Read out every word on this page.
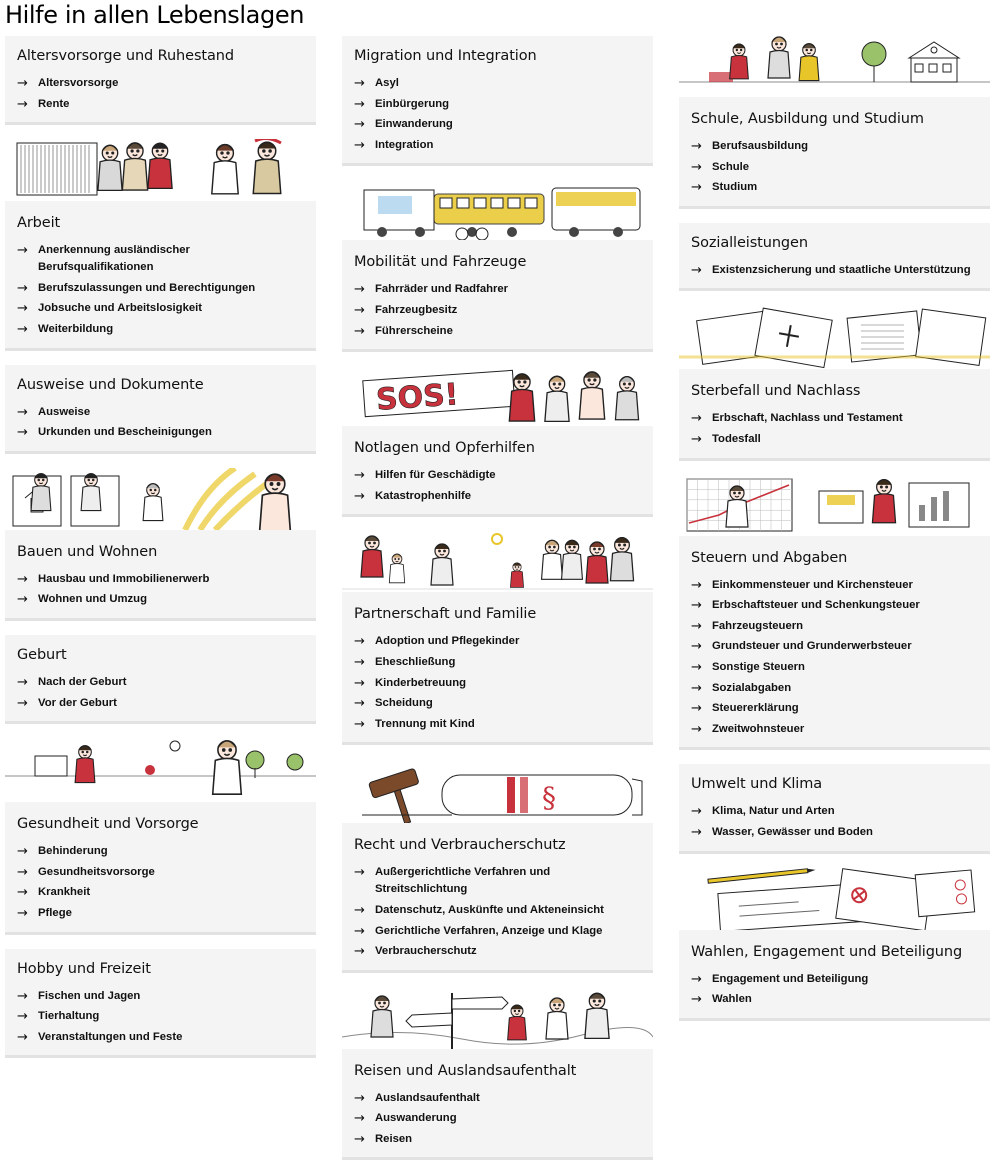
Hilfe in allen Lebenslagen
Altersvorsorge und Ruhestand
→ Altersvorsorge
→ Rente
Arbeit
→ Anerkennung ausländischer Berufsqualifikationen
→ Berufszulassungen und Berechtigungen
→ Jobsuche und Arbeitslosigkeit
→ Weiterbildung
Ausweise und Dokumente
→ Ausweise
→ Urkunden und Bescheinigungen
Bauen und Wohnen
→ Hausbau und Immobilienerwerb
→ Wohnen und Umzug
Geburt
→ Nach der Geburt
→ Vor der Geburt
Gesundheit und Vorsorge
→ Behinderung
→ Gesundheitsvorsorge
→ Krankheit
→ Pflege
Hobby und Freizeit
→ Fischen und Jagen
→ Tierhaltung
→ Veranstaltungen und Feste
Migration und Integration
→ Asyl
→ Einbürgerung
→ Einwanderung
→ Integration
Mobilität und Fahrzeuge
→ Fahrräder und Radfahrer
→ Fahrzeugbesitz
→ Führerscheine
SOS!
Notlagen und Opferhilfen
→ Hilfen für Geschädigte
→ Katastrophenhilfe
Partnerschaft und Familie
→ Adoption und Pflegekinder
→ Eheschließung
→ Kinderbetreuung
→ Scheidung
→ Trennung mit Kind
§
Recht und Verbraucherschutz
→ Außergerichtliche Verfahren und Streitschlichtung
→ Datenschutz, Auskünfte und Akteneinsicht
→ Gerichtliche Verfahren, Anzeige und Klage
→ Verbraucherschutz
Reisen und Auslandsaufenthalt
→ Auslandsaufenthalt
→ Auswanderung
→ Reisen
Schule, Ausbildung und Studium
→ Berufsausbildung
→ Schule
→ Studium
Sozialleistungen
→ Existenzsicherung und staatliche Unterstützung
Sterbefall und Nachlass
→ Erbschaft, Nachlass und Testament
→ Todesfall
Steuern und Abgaben
→ Einkommensteuer und Kirchensteuer
→ Erbschaftsteuer und Schenkungsteuer
→ Fahrzeugsteuern
→ Grundsteuer und Grunderwerbsteuer
→ Sonstige Steuern
→ Sozialabgaben
→ Steuererklärung
→ Zweitwohnsteuer
Umwelt und Klima
→ Klima, Natur und Arten
→ Wasser, Gewässer und Boden
Wahlen, Engagement und Beteiligung
→ Engagement und Beteiligung
→ Wahlen
